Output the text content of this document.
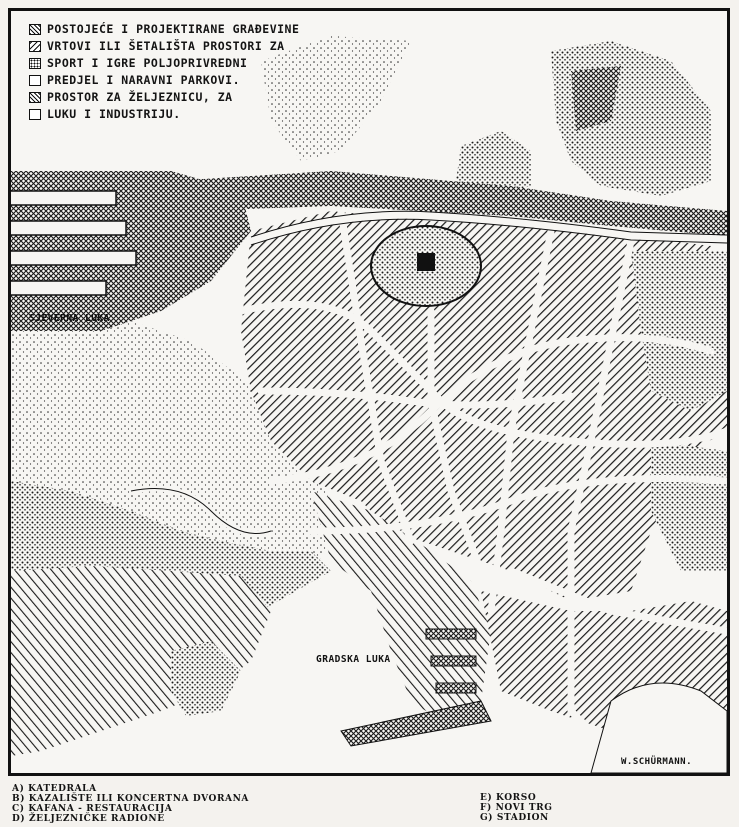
SJEVERNA LUKA
GRADSKA LUKA
W.SCHÜRMANN.
POSTOJEĆE I PROJEKTIRANE GRAĐEVINE
VRTOVI ILI ŠETALIŠTA PROSTORI ZA
SPORT I IGRE POLJOPRIVREDNI
PREDJEL I NARAVNI PARKOVI.
PROSTOR ZA ŽELJEZNICU, ZA
LUKU I INDUSTRIJU.
A) KATEDRALA
B) KAZALIŠTE ILI KONCERTNA DVORANA
C) KAFANA - RESTAURACIJA
D) ŽELJEZNIČKE RADIONE
E) KORSO
F) NOVI TRG
G) STADION
